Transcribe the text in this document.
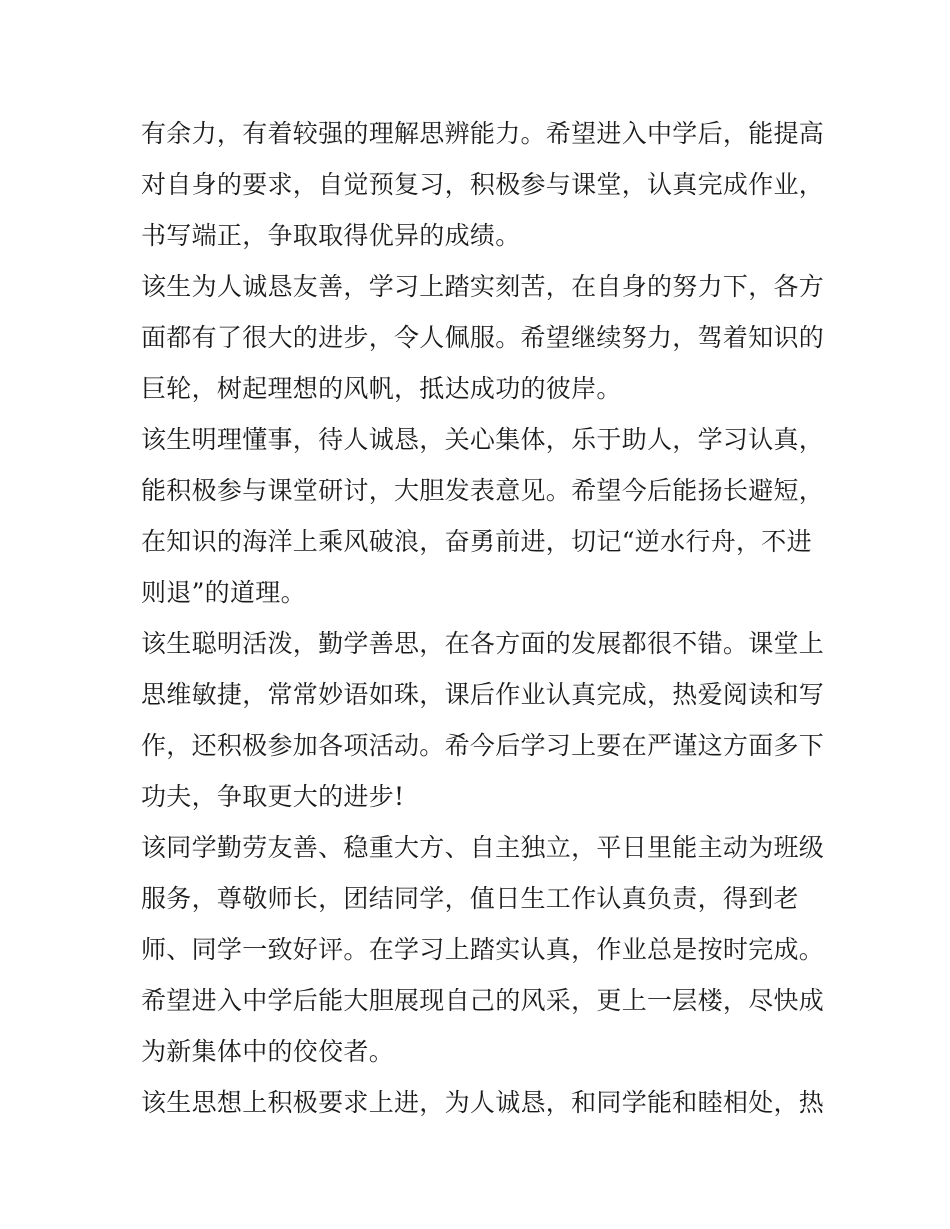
有余力，有着较强的理解思辨能力。希望进入中学后，能提高
对自身的要求，自觉预复习，积极参与课堂，认真完成作业，
书写端正，争取取得优异的成绩。
该生为人诚恳友善，学习上踏实刻苦，在自身的努力下，各方
面都有了很大的进步，令人佩服。希望继续努力，驾着知识的
巨轮，树起理想的风帆，抵达成功的彼岸。
该生明理懂事，待人诚恳，关心集体，乐于助人，学习认真，
能积极参与课堂研讨，大胆发表意见。希望今后能扬长避短，
在知识的海洋上乘风破浪，奋勇前进，切记“逆水行舟，不进
则退”的道理。
该生聪明活泼，勤学善思，在各方面的发展都很不错。课堂上
思维敏捷，常常妙语如珠，课后作业认真完成，热爱阅读和写
作，还积极参加各项活动。希今后学习上要在严谨这方面多下
功夫，争取更大的进步!
该同学勤劳友善、稳重大方、自主独立，平日里能主动为班级
服务，尊敬师长，团结同学，值日生工作认真负责，得到老
师、同学一致好评。在学习上踏实认真，作业总是按时完成。
希望进入中学后能大胆展现自己的风采，更上一层楼，尽快成
为新集体中的佼佼者。
该生思想上积极要求上进，为人诚恳，和同学能和睦相处，热
